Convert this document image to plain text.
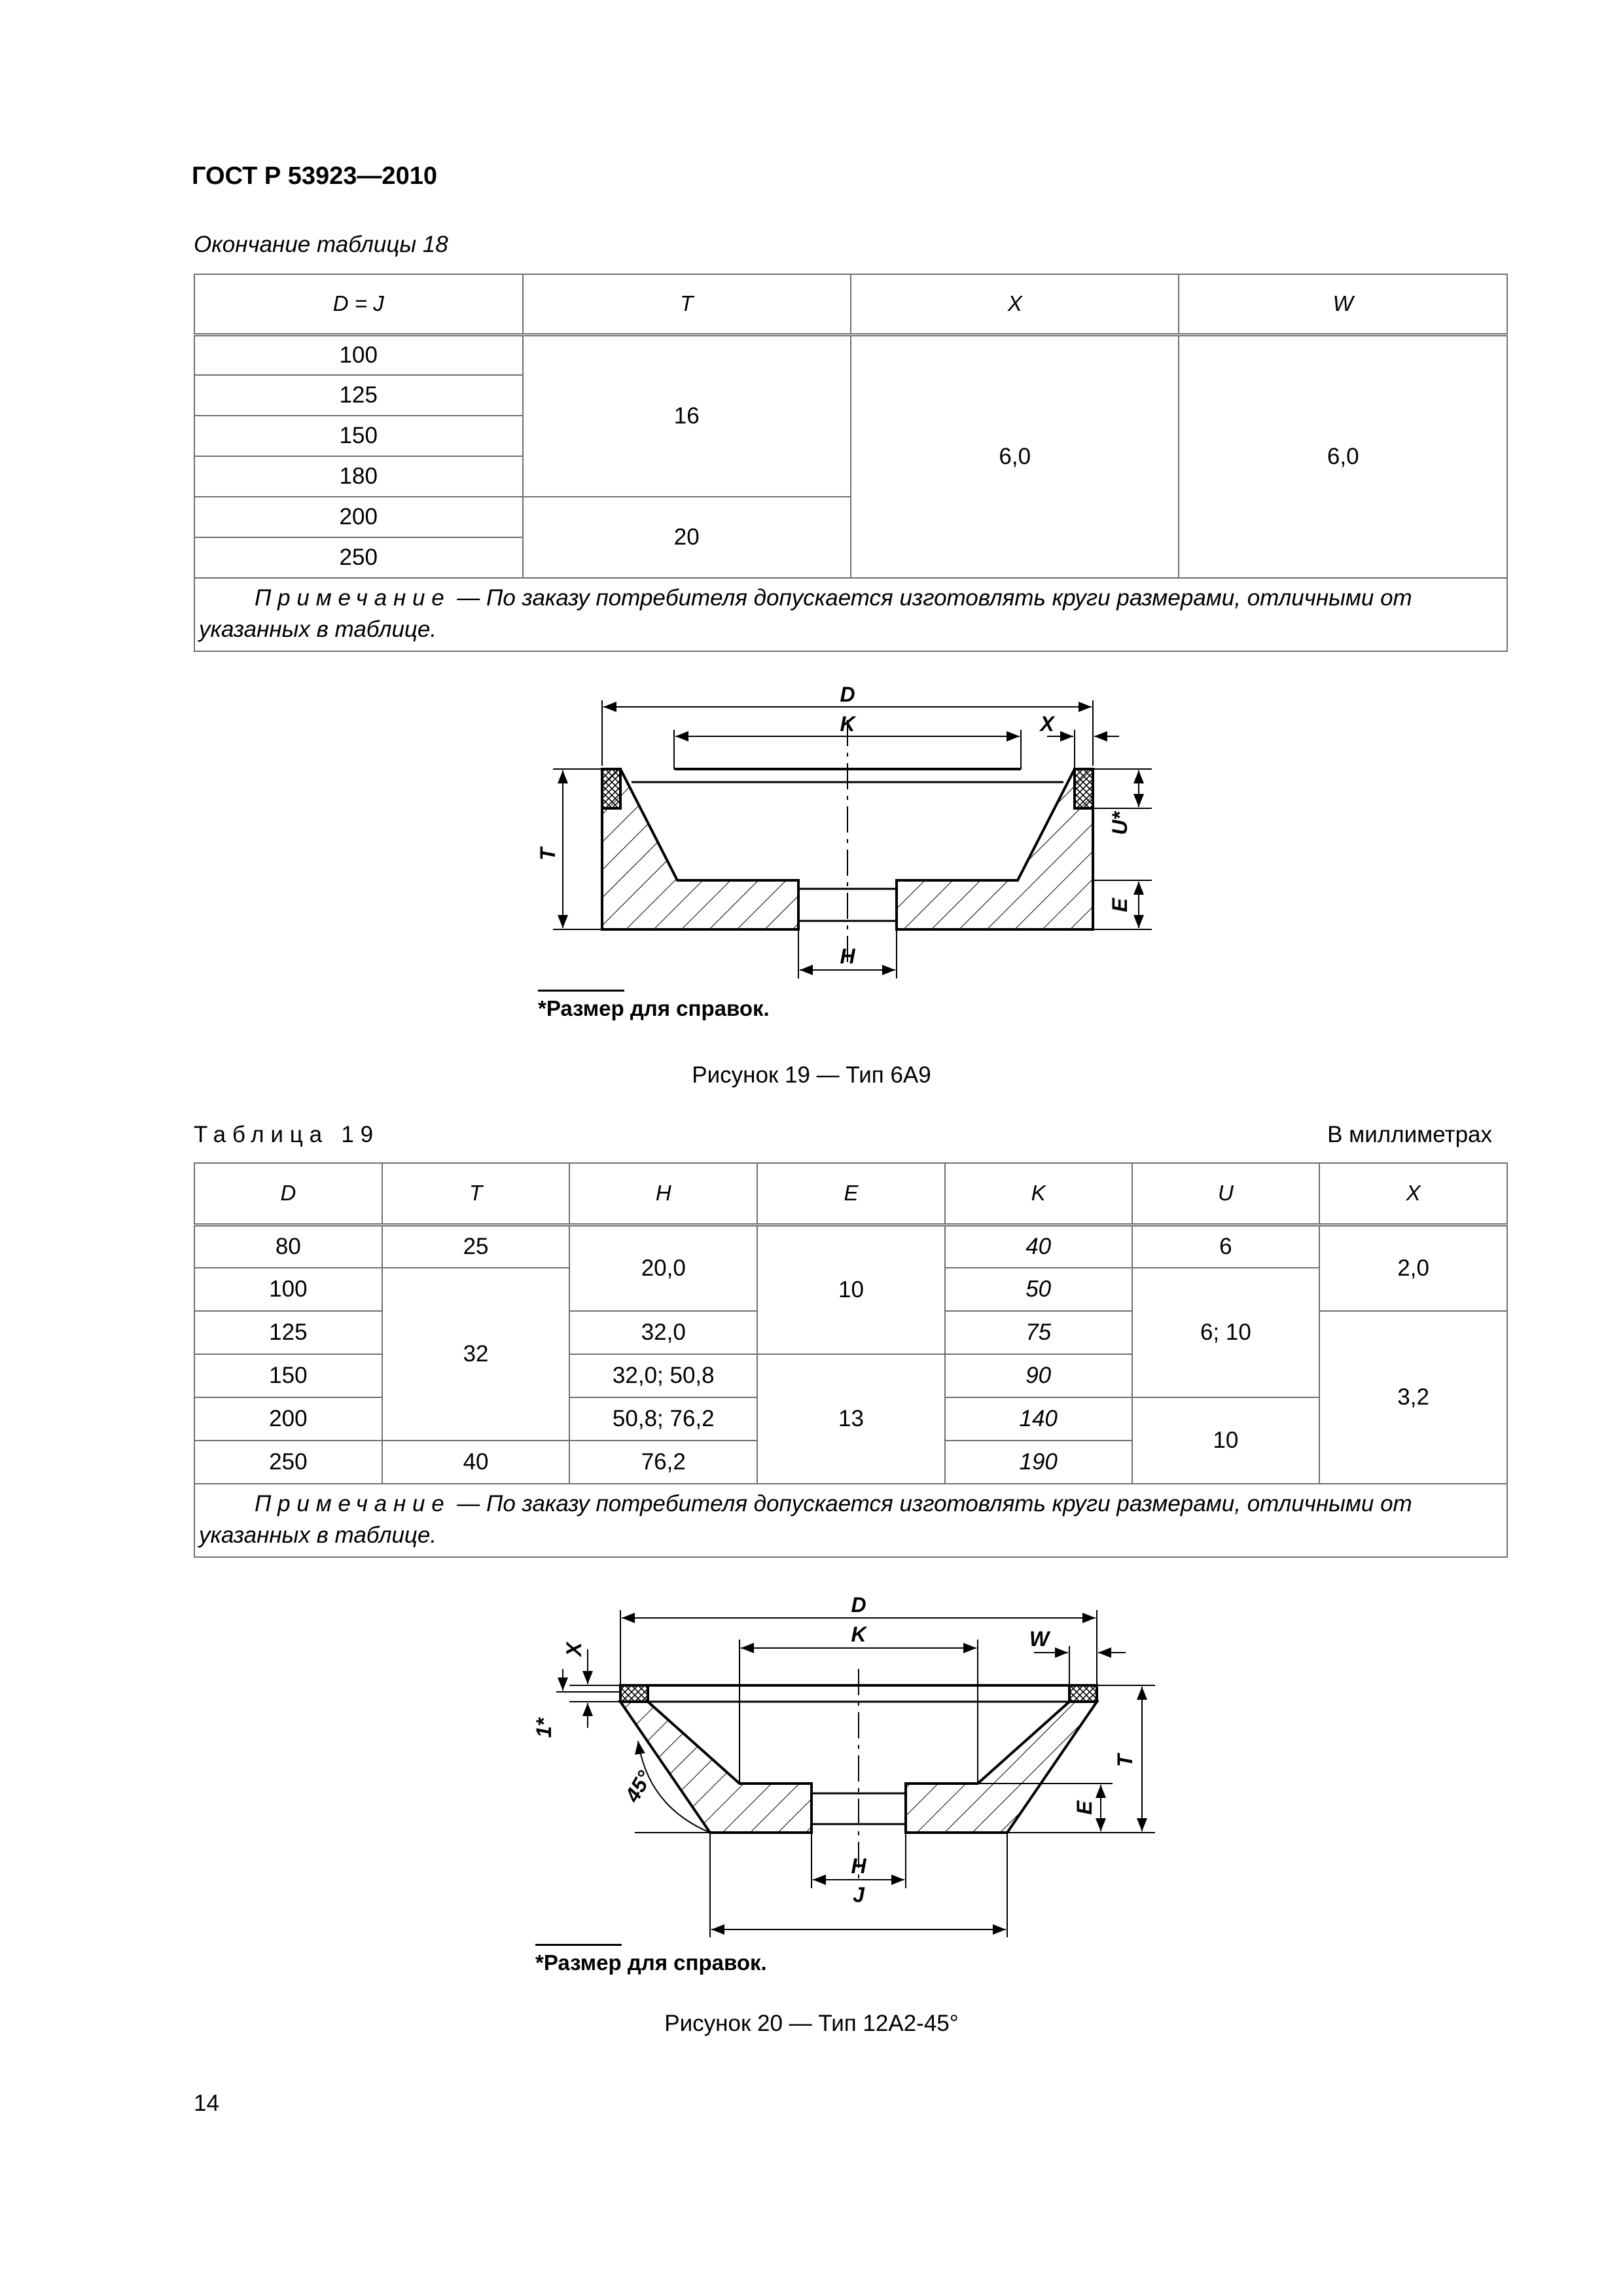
ГОСТ Р 53923—2010
Окончание таблицы 18
D = J	T	X	W
100	16	6,0	6,0
125			
150			
180			
200	20		
250			
Примечание — По заказу потребителя допускается изготовлять круги размерами, отличными от указанных в таблице.			
D
K	X
T
U*
E
H
*Размер для справок.
Рисунок 19 — Тип 6А9
Таблица 19	В миллиметрах
D	T	H	E	K	U	X
80	25	20,0	10	40	6	2,0
100	32			50	6; 10	
125		32,0		75		3,2
150		32,0; 50,8	13	90		
200		50,8; 76,2		140	10	
250	40	76,2		190		
Примечание — По заказу потребителя допускается изготовлять круги размерами, отличными от указанных в таблице.						
D
K	W
X
1*
45°
T
E
H
J
*Размер для справок.
Рисунок 20 — Тип 12А2-45°
14
